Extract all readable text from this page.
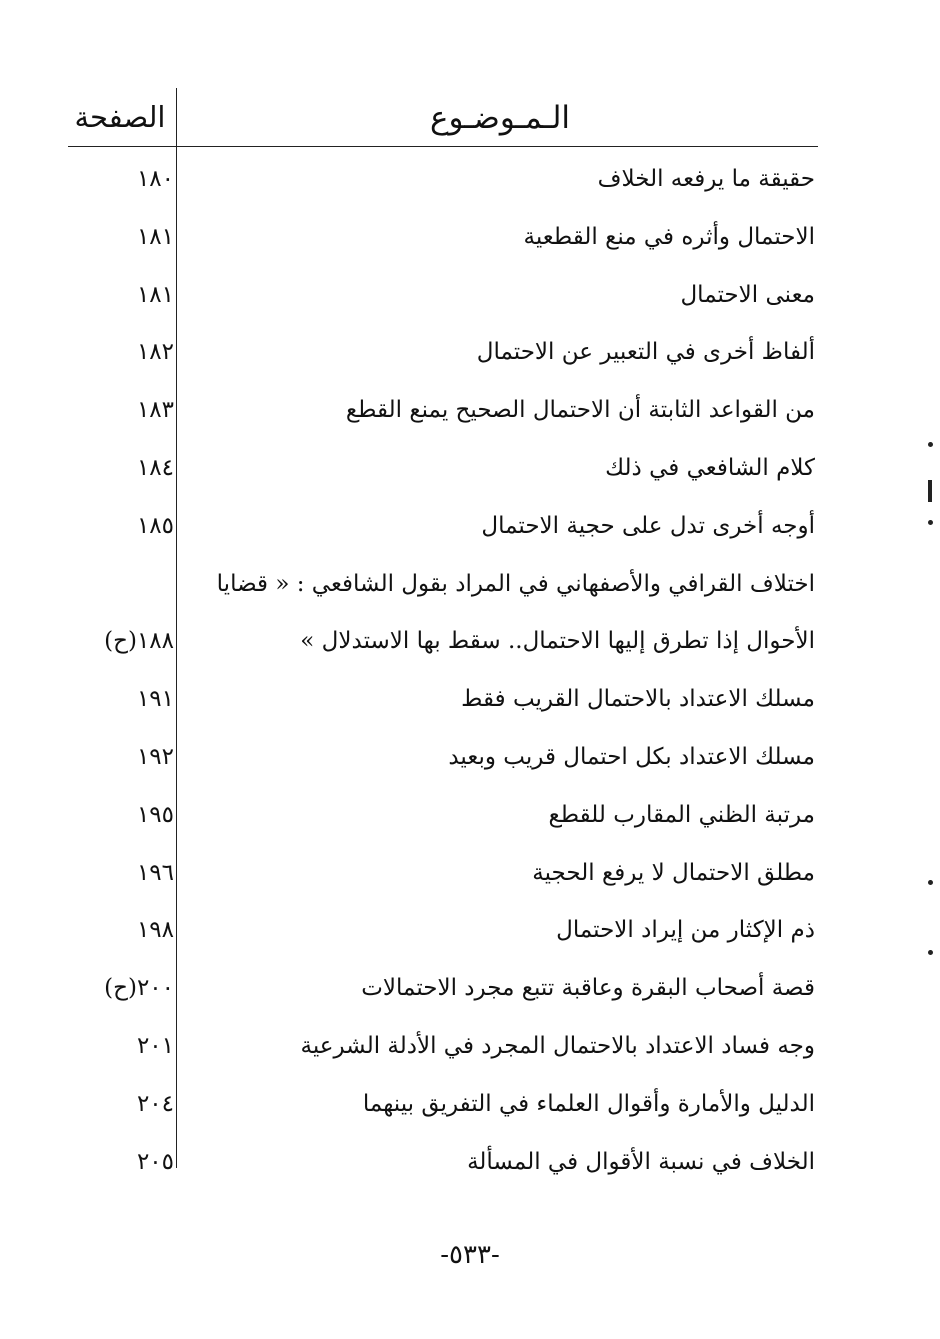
الـمـوضـوع
الصفحة
حقيقة ما يرفعه الخلاف
١٨٠
الاحتمال وأثره في منع القطعية
١٨١
معنى الاحتمال
١٨١
ألفاظ أخرى في التعبير عن الاحتمال
١٨٢
من القواعد الثابتة أن الاحتمال الصحيح يمنع القطع
١٨٣
كلام الشافعي في ذلك
١٨٤
أوجه أخرى تدل على حجية الاحتمال
١٨٥
اختلاف القرافي والأصفهاني في المراد بقول الشافعي : « قضايا
الأحوال إذا تطرق إليها الاحتمال.. سقط بها الاستدلال »
١٨٨(ح)
مسلك الاعتداد بالاحتمال القريب فقط
١٩١
مسلك الاعتداد بكل احتمال قريب وبعيد
١٩٢
مرتبة الظني المقارب للقطع
١٩٥
مطلق الاحتمال لا يرفع الحجية
١٩٦
ذم الإكثار من إيراد الاحتمال
١٩٨
قصة أصحاب البقرة وعاقبة تتبع مجرد الاحتمالات
٢٠٠(ح)
وجه فساد الاعتداد بالاحتمال المجرد في الأدلة الشرعية
٢٠١
الدليل والأمارة وأقوال العلماء في التفريق بينهما
٢٠٤
الخلاف في نسبة الأقوال في المسألة
٢٠٥
-٥٣٣-
